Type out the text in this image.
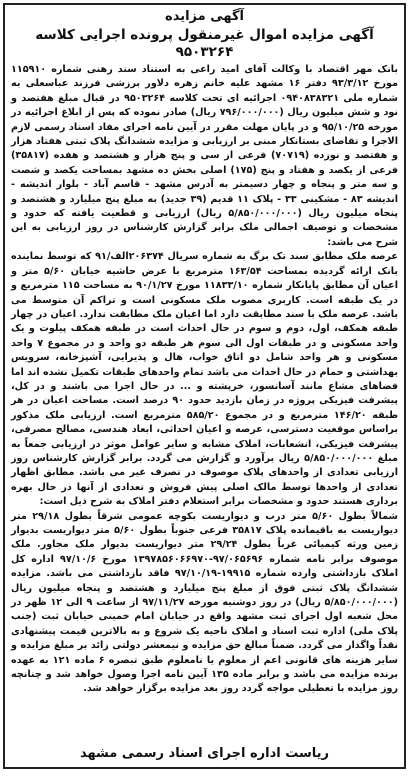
آگهی مزایده
آگهی مزایده اموال غیرمنقول پرونده اجرایی کلاسه ۹۵۰۳۲۶۴

بانک مهر اقتصاد با وکالت آقای امید راعی به استناد سند رهنی شماره ۱۱۵۹۱۰ مورخ ۹۳/۳/۱۲ دفتر ۱۶ مشهد علیه خانم زهره دلاور برزشی فرزند عباسعلی به شماره ملی ۰۹۴۰۸۳۸۳۲۱ اجرائیه ای تحت کلاسه ۹۵۰۳۲۶۴ در قبال مبلغ هفتصد و نود و شش میلیون ریال (۷۹۶/۰۰۰/۰۰۰ ریال) صادر نموده که پس از ابلاغ اجرائیه در مورخه ۹۵/۱۰/۲۵ و در پایان مهلت مقرر در آیین نامه اجرای مفاد اسناد رسمی لازم الاجرا و تقاضای بستانکار مبنی بر ارزیابی و مزایده ششدانگ پلاک ثبتی هفتاد هزار و هفتصد و نوزده (۷۰۷۱۹) فرعی از سی و پنج هزار و هشتصد و هفده (۳۵۸۱۷) فرعی از یکصد و هفتاد و پنج (۱۷۵) اصلی بخش ده مشهد بمساحت یکصد و شصت و سه متر و پنجاه و چهار دسیمتر به آدرس مشهد - قاسم آباد - بلوار اندیشه - اندیشه ۸۳ - مشکینی ۳۳ - پلاک ۱۱ قدیم (۳۹ جدید) به مبلغ پنج میلیارد و هشتصد و پنجاه میلیون ریال (۵/۸۵۰/۰۰۰/۰۰۰ ریال) ارزیابی و قطعیت یافته که حدود و مشخصات و توصیف اجمالی ملک برابر گزارش کارشناس در روز ارزیابی به این شرح می باشد:

عرصه ملک مطابق سند تک برگ به شماره سریال ۲۰۶۳۷۴الف/۹۱ که توسط نماینده بانک ارائه گردیده بمساحت ۱۶۳/۵۴ مترمربع با عرض حاشیه خیابان ۵/۶۰ متر و اعیان آن مطابق پایانکار شماره ۱۱۸۳۳/۱۰ مورخ ۹۰/۱/۲۷ به مساحت ۱۱۵ مترمربع و در یک طبقه است. کاربری مصوب ملک مسکونی است و تراکم آن متوسط می باشد. عرصه ملک با سند مطابقت دارد اما اعیان ملک مطابقت ندارد. اعیان در چهار طبقه همکف، اول، دوم و سوم در حال احداث است در طبقه همکف پیلوت و یک واحد مسکونی و در طبقات اول الی سوم هر طبقه دو واحد و در مجموع ۷ واحد مسکونی و هر واحد شامل دو اتاق خواب، هال و پذیرایی، آشپزخانه، سرویس بهداشتی و حمام در حال احداث می باشد تمام واحدهای طبقات تکمیل نشده اند اما فضاهای مشاع مانند آسانسور، خرپشته و ... در حال اجرا می باشند و در کل، پیشرفت فیزیکی پروژه در زمان بازدید حدود ۹۰ درصد است. مساحت اعیان در هر طبقه ۱۴۶/۲۰ مترمربع و در مجموع ۵۸۵/۲۰ مترمربع است. ارزیابی ملک مذکور براساس موقعیت دسترسی، عرصه و اعیان احداثی، ابعاد هندسی، مصالح مصرفی، پیشرفت فیزیکی، انشعابات، املاک مشابه و سایر عوامل موثر در ارزیابی جمعاً به مبلغ ۵/۸۵۰/۰۰۰/۰۰۰ ریال برآورد و گزارش می گردد. برابر گزارش کارشناس روز ارزیابی تعدادی از واحدهای پلاک موصوف در تصرف غیر می باشد. مطابق اظهار تعدادی از واحدها توسط مالک اصلی پیش فروش و تعدادی از آنها در حال بهره برداری هستند حدود و مشخصات برابر استعلام دفتر املاک به شرح ذیل است:

شمالاً بطول ۵/۶۰ متر درب و دیواریست بکوچه عمومی شرقاً بطول ۲۹/۱۸ متر دیواریست به باقیمانده پلاک ۳۵۸۱۷ فرعی جنوباً بطول ۵/۶۰ متر دیواریست بدیوار زمین ورثه کیمیائی غرباً بطول ۲۹/۲۴ متر دیواریست بدیوار ملک مجاور. ملک موصوف برابر نامه شماره ۹۷/۰۶۵۶۹۶-۱۳۹۷۸۵۶۰۶۶۹۷۰ مورخ ۹۷/۱۰/۶ اداره کل املاک بازداشتی وارده شماره ۱۹۹۱۵-۹۷/۱۰/۱۹ فاقد بازداشتی می باشد. مزایده ششدانگ پلاک ثبتی فوق از مبلغ پنج میلیارد و هشتصد و پنجاه میلیون ریال (۵/۸۵۰/۰۰۰/۰۰۰ ریال) در روز دوشنبه مورخه ۹۷/۱۱/۲۷ از ساعت ۹ الی ۱۲ ظهر در محل شعبه اول اجرای ثبت مشهد واقع در خیابان امام خمینی خیابان ثبت (جنب پلاک ملی) اداره ثبت اسناد و املاک ناحیه یک شروع و به بالاترین قیمت پیشنهادی نقداً واگذار می گردد. ضمناً مبالغ حق مزایده و نیمعشر دولتی زائد بر مبلغ مزایده و سایر هزینه های قانونی اعم از معلوم یا نامعلوم طبق تبصره ۶ ماده ۱۲۱ به عهده برنده مزایده می باشد و برابر ماده ۱۳۵ آیین نامه اجرا وصول خواهد شد و چنانچه روز مزایده با تعطیلی مواجه گردد روز بعد مزایده برگزار خواهد شد.

ریاست اداره اجرای اسناد رسمی مشهد
